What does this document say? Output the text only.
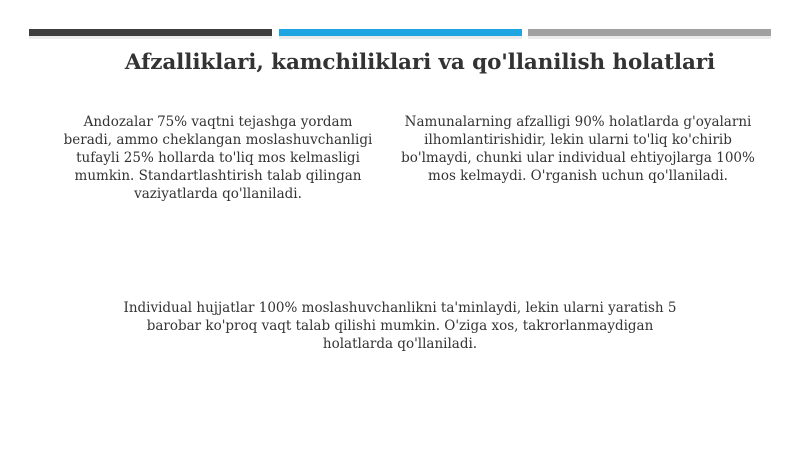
Afzalliklari, kamchiliklari va qo'llanilish holatlari
Andozalar 75% vaqtni tejashga yordam beradi, ammo cheklangan moslashuvchanligi tufayli 25% hollarda to'liq mos kelmasligi mumkin. Standartlashtirish talab qilingan vaziyatlarda qo'llaniladi.
Namunalarning afzalligi 90% holatlarda g'oyalarni ilhomlantirishidir, lekin ularni to'liq ko'chirib bo'lmaydi, chunki ular individual ehtiyojlarga 100% mos kelmaydi. O'rganish uchun qo'llaniladi.
Individual hujjatlar 100% moslashuvchanlikni ta'minlaydi, lekin ularni yaratish 5 barobar ko'proq vaqt talab qilishi mumkin. O'ziga xos, takrorlanmaydigan holatlarda qo'llaniladi.
